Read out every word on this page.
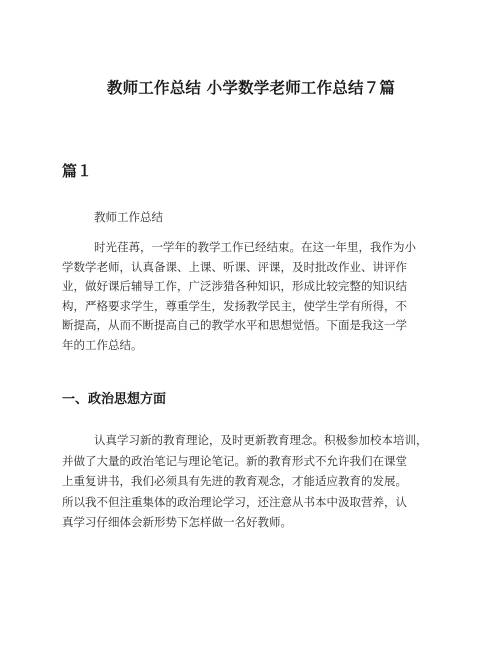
教师工作总结 小学数学老师工作总结７篇
篇１

教师工作总结

时光荏苒，一学年的教学工作已经结束。在这一年里，我作为小
学数学老师，认真备课、上课、听课、评课，及时批改作业、讲评作
业，做好课后辅导工作，广泛涉猎各种知识，形成比较完整的知识结
构，严格要求学生，尊重学生，发扬教学民主，使学生学有所得，不
断提高，从而不断提高自己的教学水平和思想觉悟。下面是我这一学
年的工作总结。

一、政治思想方面

认真学习新的教育理论，及时更新教育理念。积极参加校本培训，
并做了大量的政治笔记与理论笔记。新的教育形式不允许我们在课堂
上重复讲书，我们必须具有先进的教育观念，才能适应教育的发展。
所以我不但注重集体的政治理论学习，还注意从书本中汲取营养，认
真学习仔细体会新形势下怎样做一名好教师。
